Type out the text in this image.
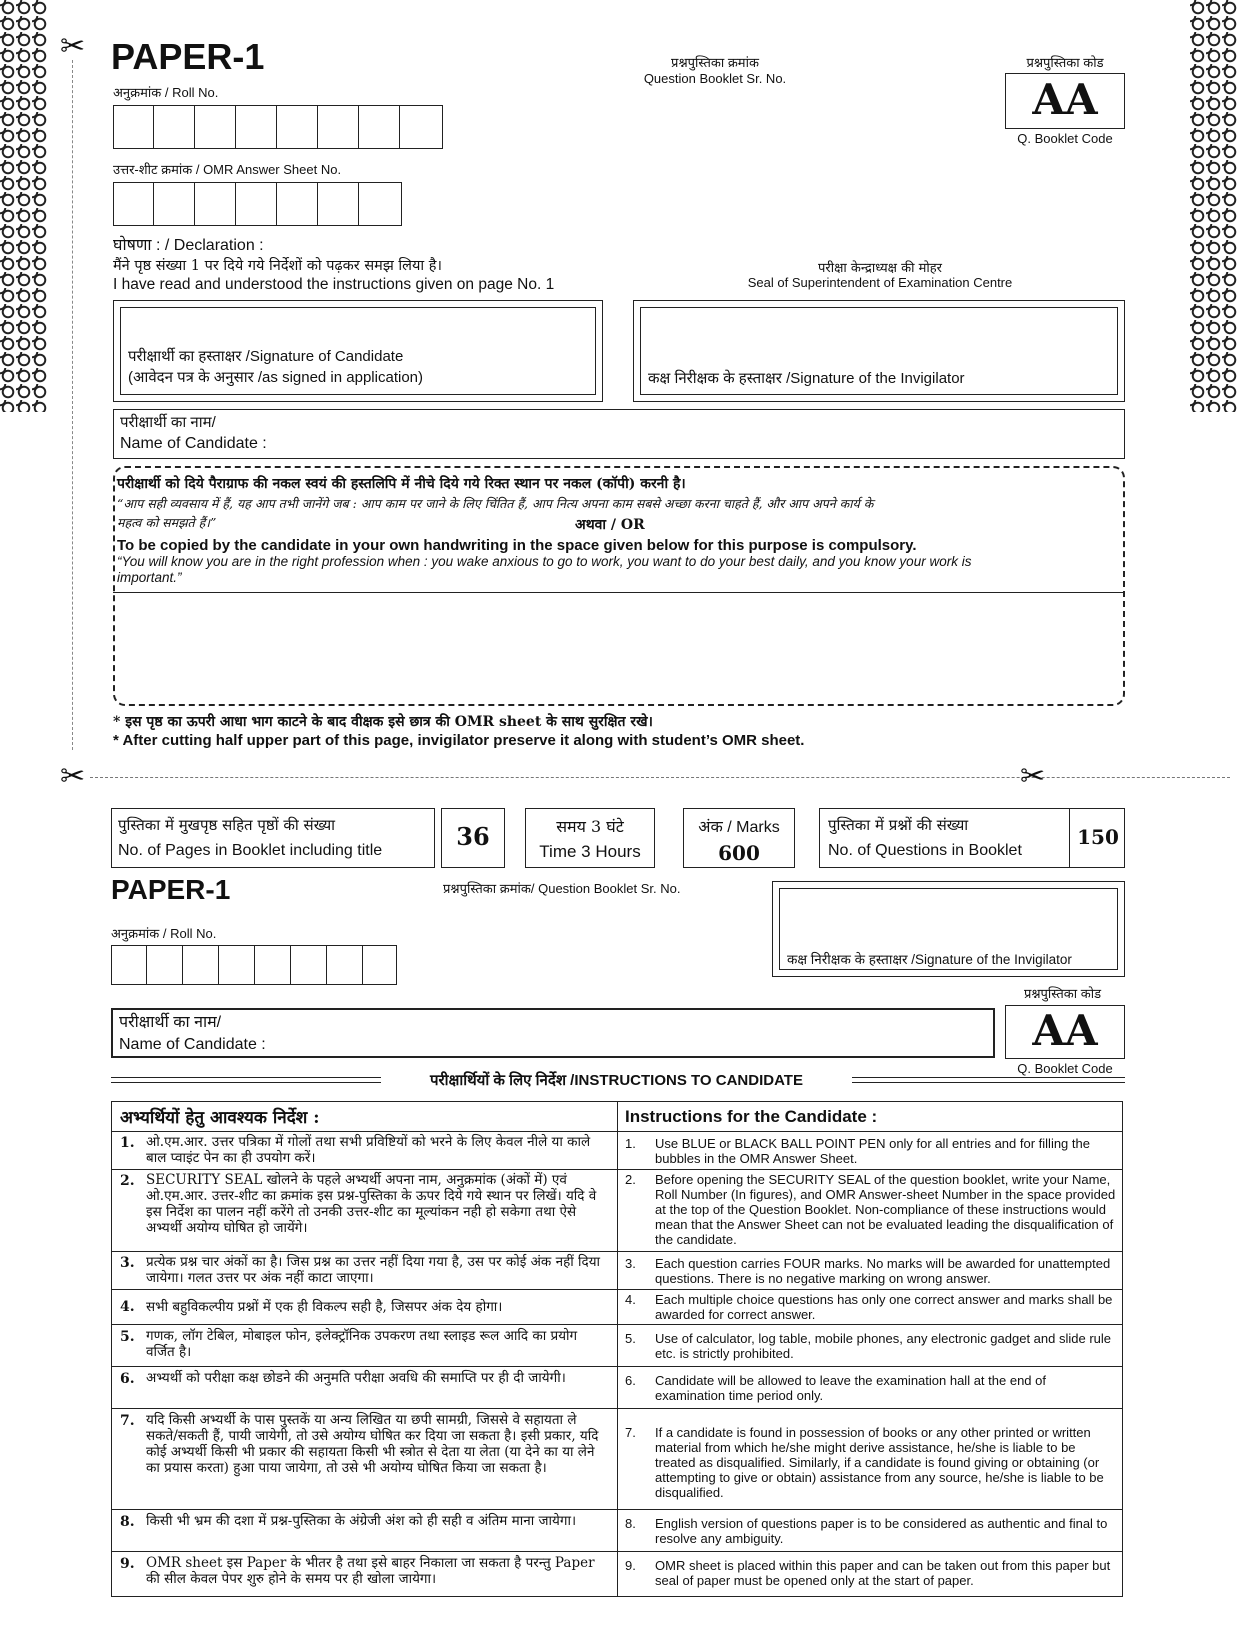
✂
✂	✂
PAPER-1
अनुक्रमांक / Roll No.
उत्तर-शीट क्रमांक / OMR Answer Sheet No.
प्रश्नपुस्तिका क्रमांक
Question Booklet Sr. No.
प्रश्नपुस्तिका कोड
AA
Q. Booklet Code
घोषणा : / Declaration :
मैंने पृष्ठ संख्या 1 पर दिये गये निर्देशों को पढ़कर समझ लिया है।
I have read and understood the instructions given on page No. 1
परीक्षा केन्द्राध्यक्ष की मोहर
Seal of Superintendent of Examination Centre
परीक्षार्थी का हस्ताक्षर /Signature of Candidate
(आवेदन पत्र के अनुसार /as signed in application)	कक्ष निरीक्षक के हस्ताक्षर /Signature of the Invigilator
परीक्षार्थी का नाम/
Name of Candidate :
परीक्षार्थी को दिये पैराग्राफ की नकल स्वयं की हस्तलिपि में नीचे दिये गये रिक्त स्थान पर नकल (कॉपी) करनी है।
“आप सही व्यवसाय में हैं, यह आप तभी जानेंगे जब : आप काम पर जाने के लिए चिंतित हैं, आप नित्य अपना काम सबसे अच्छा करना चाहते हैं, और आप अपने कार्य के
महत्व को समझते हैं।”	अथवा / OR
To be copied by the candidate in your own handwriting in the space given below for this purpose is compulsory.
“You will know you are in the right profession when : you wake anxious to go to work, you want to do your best daily, and you know your work is
important.”
* इस पृष्ठ का ऊपरी आधा भाग काटने के बाद वीक्षक इसे छात्र की OMR sheet के साथ सुरक्षित रखे।
* After cutting half upper part of this page, invigilator preserve it along with student’s OMR sheet.
पुस्तिका में मुखपृष्ठ सहित पृष्ठों की संख्या
No. of Pages in Booklet including title	36	समय 3 घंटे
Time 3 Hours
अंक / Marks
600
पुस्तिका में प्रश्नों की संख्या
No. of Questions in Booklet
150
PAPER-1	प्रश्नपुस्तिका क्रमांक/ Question Booklet Sr. No.
अनुक्रमांक / Roll No.
कक्ष निरीक्षक के हस्ताक्षर /Signature of the Invigilator
प्रश्नपुस्तिका कोड
AA
Q. Booklet Code
परीक्षार्थी का नाम/
Name of Candidate :
परीक्षार्थियों के लिए निर्देश /INSTRUCTIONS TO CANDIDATE
अभ्यर्थियों हेतु आवश्यक निर्देश :	Instructions for the Candidate :
1. ओ.एम.आर. उत्तर पत्रिका में गोलों तथा सभी प्रविष्टियों को भरने के लिए केवल नीले या काले बाल प्वाइंट पेन का ही उपयोग करें।
1. Use BLUE or BLACK BALL POINT PEN only for all entries and for filling the bubbles in the OMR Answer Sheet.
2. SECURITY SEAL खोलने के पहले अभ्यर्थी अपना नाम, अनुक्रमांक (अंकों में) एवं ओ.एम.आर. उत्तर-शीट का क्रमांक इस प्रश्न-पुस्तिका के ऊपर दिये गये स्थान पर लिखें। यदि वे इस निर्देश का पालन नहीं करेंगे तो उनकी उत्तर-शीट का मूल्यांकन नही हो सकेगा तथा ऐसे अभ्यर्थी अयोग्य घोषित हो जायेंगे।
2. Before opening the SECURITY SEAL of the question booklet, write your Name, Roll Number (In figures), and OMR Answer-sheet Number in the space provided at the top of the Question Booklet. Non-compliance of these instructions would mean that the Answer Sheet can not be evaluated leading the disqualification of the candidate.
3. प्रत्येक प्रश्न चार अंकों का है। जिस प्रश्न का उत्तर नहीं दिया गया है, उस पर कोई अंक नहीं दिया जायेगा। गलत उत्तर पर अंक नहीं काटा जाएगा।
3. Each question carries FOUR marks. No marks will be awarded for unattempted questions. There is no negative marking on wrong answer.
4. सभी बहुविकल्पीय प्रश्नों में एक ही विकल्प सही है, जिसपर अंक देय होगा।	4. Each multiple choice questions has only one correct answer and marks shall be awarded for correct answer.
5. गणक, लॉग टेबिल, मोबाइल फोन, इलेक्ट्रॉनिक उपकरण तथा स्लाइड रूल आदि का प्रयोग वर्जित है।
5. Use of calculator, log table, mobile phones, any electronic gadget and slide rule etc. is strictly prohibited.
6. अभ्यर्थी को परीक्षा कक्ष छोडने की अनुमति परीक्षा अवधि की समाप्ति पर ही दी जायेगी।	6. Candidate will be allowed to leave the examination hall at the end of examination time period only.
7. यदि किसी अभ्यर्थी के पास पुस्तकें या अन्य लिखित या छपी सामग्री, जिससे वे सहायता ले सकते/सकती हैं, पायी जायेगी, तो उसे अयोग्य घोषित कर दिया जा सकता है। इसी प्रकार, यदि कोई अभ्यर्थी किसी भी प्रकार की सहायता किसी भी स्त्रोत से देता या लेता (या देने का या लेने का प्रयास करता) हुआ पाया जायेगा, तो उसे भी अयोग्य घोषित किया जा सकता है।
7. If a candidate is found in possession of books or any other printed or written material from which he/she might derive assistance, he/she is liable to be treated as disqualified. Similarly, if a candidate is found giving or obtaining (or attempting to give or obtain) assistance from any source, he/she is liable to be disqualified.
8. किसी भी भ्रम की दशा में प्रश्न-पुस्तिका के अंग्रेजी अंश को ही सही व अंतिम माना जायेगा।	8. English version of questions paper is to be considered as authentic and final to resolve any ambiguity.
9. OMR sheet इस Paper के भीतर है तथा इसे बाहर निकाला जा सकता है परन्तु Paper की सील केवल पेपर शुरु होने के समय पर ही खोला जायेगा।
9. OMR sheet is placed within this paper and can be taken out from this paper but seal of paper must be opened only at the start of paper.
